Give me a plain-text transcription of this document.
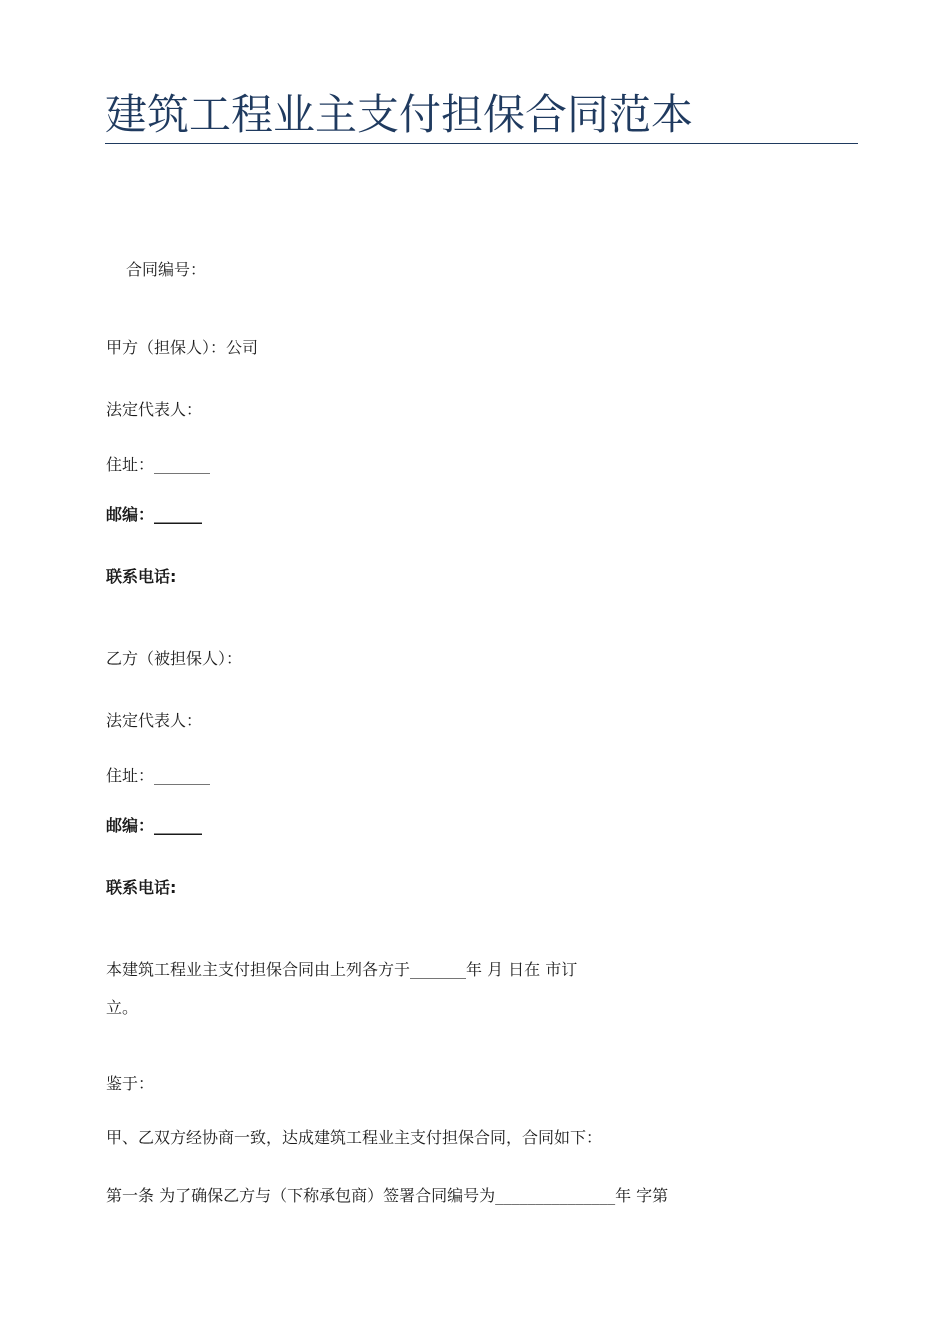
建筑工程业主支付担保合同范本
合同编号：
甲方（担保人）：公司
法定代表人：
住址：_______
邮编：______
联系电话:
乙方（被担保人）：
法定代表人：
住址：_______
邮编：______
联系电话:
本建筑工程业主支付担保合同由上列各方于_______年 月 日在 市订
立。
鉴于：
甲、乙双方经协商一致，达成建筑工程业主支付担保合同，合同如下：
第一条 为了确保乙方与（下称承包商）签署合同编号为_______________年 字第
